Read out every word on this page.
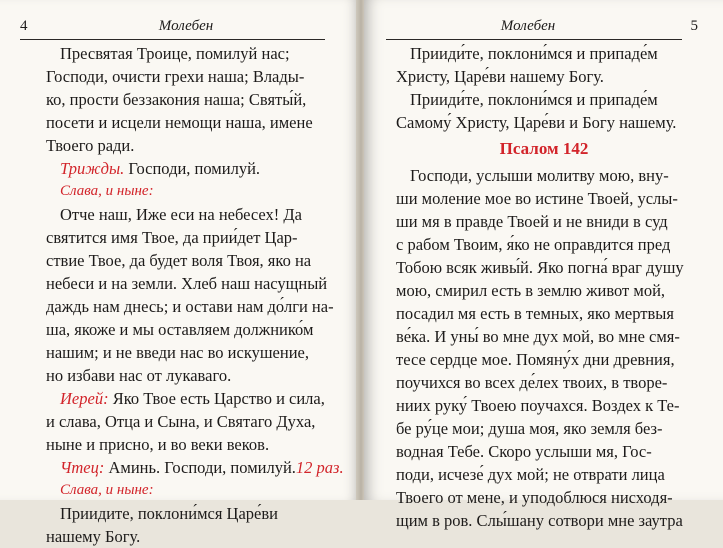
4	Молебен
Пресвятая Троице, помилуй нас;
Господи, очисти грехи наша; Влады-
ко, прости беззакония наша; Святы́й,
посети и исцели немощи наша, имене
Твоего ради.
Трижды. Господи, помилуй.
Слава, и ныне:
Отче наш, Иже еси на небесех! Да
святится имя Твое, да прии́дет Цар-
ствие Твое, да будет воля Твоя, яко на
небеси и на земли. Хлеб наш насущный
даждь нам днесь; и остави нам до́лги на-
ша, якоже и мы оставляем должнико́м
нашим; и не введи нас во искушение,
но избави нас от лукаваго.
Иерей: Яко Твое есть Царство и сила,
и слава, Отца и Сына, и Святаго Духа,
ныне и присно, и во веки веков.
Чтец: Аминь. Господи, помилуй.12 раз.
Слава, и ныне:
Приидите, поклони́мся Царе́ви
нашему Богу.
Молебен	5
Прииди́те, поклони́мся и припаде́м
Христу, Царе́ви нашему Богу.
Прииди́те, поклони́мся и припаде́м
Самому́ Христу, Царе́ви и Богу нашему.
Псалом 142
Господи, услыши молитву мою, вну-
ши моление мое во истине Твоей, услы-
ши мя в правде Твоей и не вниди в суд
с рабом Твоим, я́ко не оправдится пред
Тобою всяк живы́й. Яко погна́ враг душу
мою, смирил есть в землю живот мой,
посадил мя есть в темных, яко мертвыя
ве́ка. И уны́ во мне дух мой, во мне смя-
тесе сердце мое. Помяну́х дни древния,
поучихся во всех де́лех твоих, в творе-
ниих руку́ Твоею поучахся. Воздех к Те-
бе ру́це мои; душа моя, яко земля без-
водная Тебе. Скоро услыши мя, Гос-
поди, исчезе́ дух мой; не отврати лица
Твоего от мене, и уподоблюся нисходя-
щим в ров. Слы́шану сотвори мне заутра
